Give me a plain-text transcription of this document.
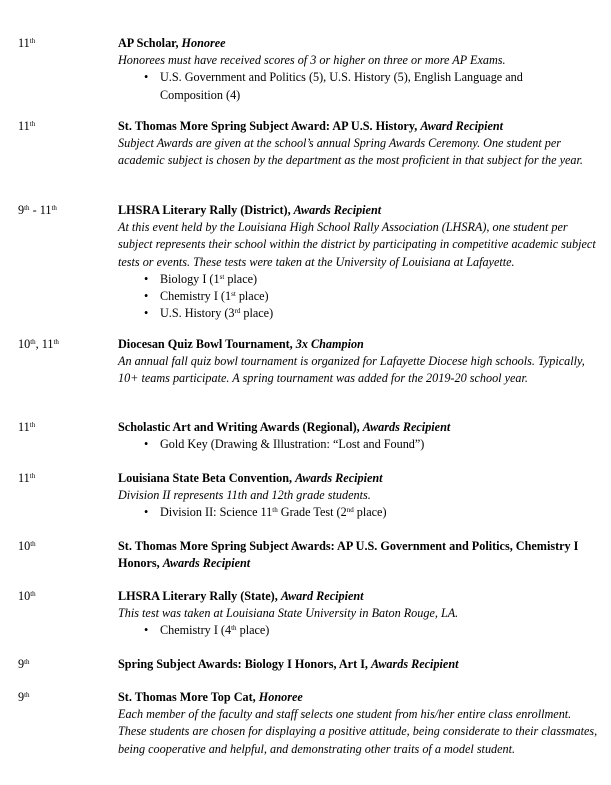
11th	AP Scholar, Honoree
Honorees must have received scores of 3 or higher on three or more AP Exams.
• U.S. Government and Politics (5), U.S. History (5), English Language and Composition (4)
11th	St. Thomas More Spring Subject Award: AP U.S. History, Award Recipient
Subject Awards are given at the school’s annual Spring Awards Ceremony. One student per academic subject is chosen by the department as the most proficient in that subject for the year.
9th - 11th	LHSRA Literary Rally (District), Awards Recipient
At this event held by the Louisiana High School Rally Association (LHSRA), one student per subject represents their school within the district by participating in competitive academic subject tests or events. These tests were taken at the University of Louisiana at Lafayette.
• Biology I (1st place)
• Chemistry I (1st place)
• U.S. History (3rd place)
10th, 11th	Diocesan Quiz Bowl Tournament, 3x Champion
An annual fall quiz bowl tournament is organized for Lafayette Diocese high schools. Typically, 10+ teams participate. A spring tournament was added for the 2019-20 school year.
11th	Scholastic Art and Writing Awards (Regional), Awards Recipient
• Gold Key (Drawing & Illustration: “Lost and Found”)
11th	Louisiana State Beta Convention, Awards Recipient
Division II represents 11th and 12th grade students.
• Division II: Science 11th Grade Test (2nd place)
10th	St. Thomas More Spring Subject Awards: AP U.S. Government and Politics, Chemistry I Honors, Awards Recipient
10th	LHSRA Literary Rally (State), Award Recipient
This test was taken at Louisiana State University in Baton Rouge, LA.
• Chemistry I (4th place)
9th	Spring Subject Awards: Biology I Honors, Art I, Awards Recipient
9th	St. Thomas More Top Cat, Honoree
Each member of the faculty and staff selects one student from his/her entire class enrollment. These students are chosen for displaying a positive attitude, being considerate to their classmates, being cooperative and helpful, and demonstrating other traits of a model student.
